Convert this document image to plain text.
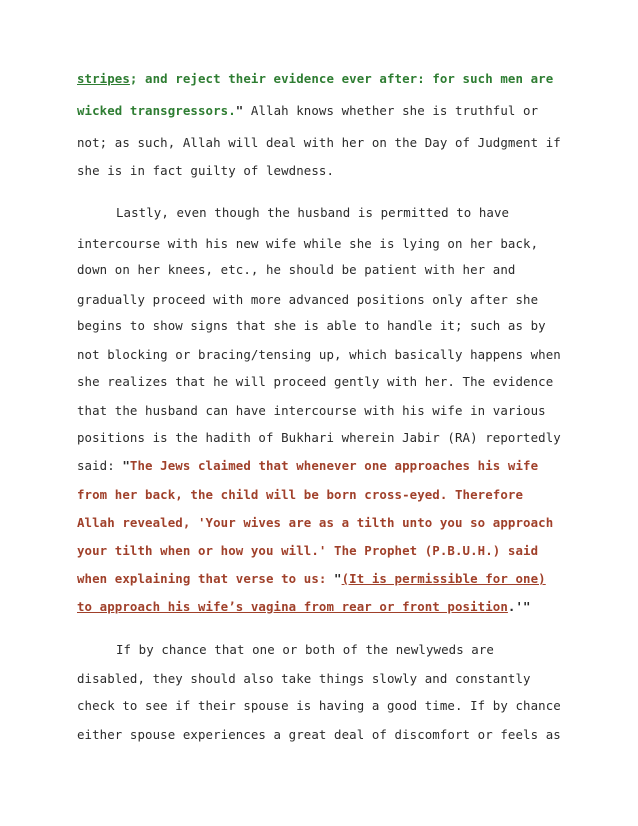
stripes; and reject their evidence ever after: for such men are
wicked transgressors." Allah knows whether she is truthful or
not; as such, Allah will deal with her on the Day of Judgment if
she is in fact guilty of lewdness.
Lastly, even though the husband is permitted to have
intercourse with his new wife while she is lying on her back,
down on her knees, etc., he should be patient with her and
gradually proceed with more advanced positions only after she
begins to show signs that she is able to handle it; such as by
not blocking or bracing/tensing up, which basically happens when
she realizes that he will proceed gently with her. The evidence
that the husband can have intercourse with his wife in various
positions is the hadith of Bukhari wherein Jabir (RA) reportedly
said: "The Jews claimed that whenever one approaches his wife
from her back, the child will be born cross-eyed. Therefore
Allah revealed, 'Your wives are as a tilth unto you so approach
your tilth when or how you will.' The Prophet (P.B.U.H.) said
when explaining that verse to us: "(It is permissible for one)
to approach his wife’s vagina from rear or front position.'"
If by chance that one or both of the newlyweds are
disabled, they should also take things slowly and constantly
check to see if their spouse is having a good time. If by chance
either spouse experiences a great deal of discomfort or feels as
